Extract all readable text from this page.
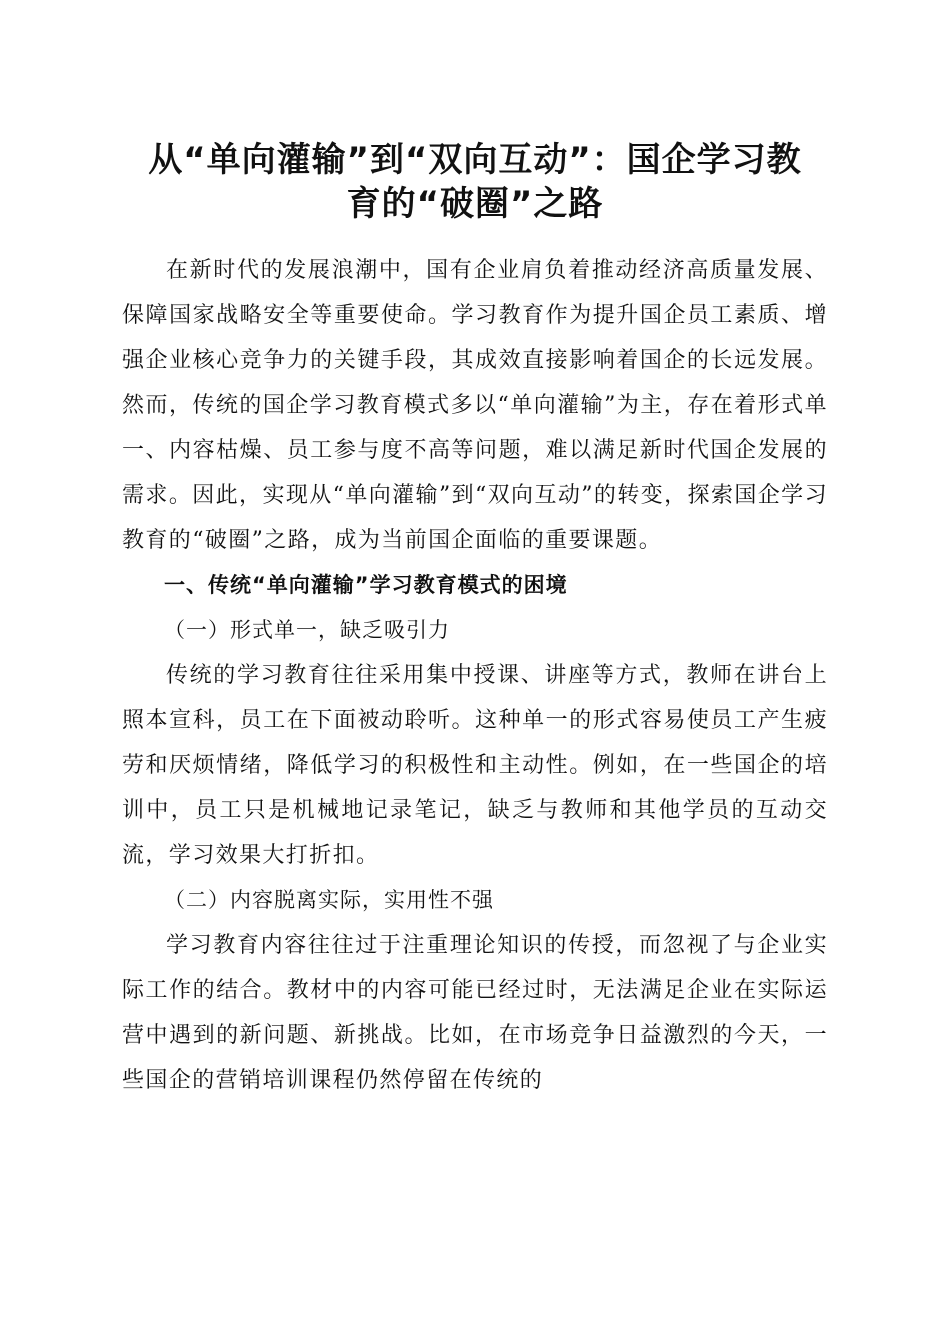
从“单向灌输”到“双向互动”：国企学习教
育的“破圈”之路

在新时代的发展浪潮中，国有企业肩负着推动经济高质量发展、保障国家战略安全等重要使命。学习教育作为提升国企员工素质、增强企业核心竞争力的关键手段，其成效直接影响着国企的长远发展。然而，传统的国企学习教育模式多以“单向灌输”为主，存在着形式单一、内容枯燥、员工参与度不高等问题，难以满足新时代国企发展的需求。因此，实现从“单向灌输”到“双向互动”的转变，探索国企学习教育的“破圈”之路，成为当前国企面临的重要课题。

一、传统“单向灌输”学习教育模式的困境

（一）形式单一，缺乏吸引力

传统的学习教育往往采用集中授课、讲座等方式，教师在讲台上照本宣科，员工在下面被动聆听。这种单一的形式容易使员工产生疲劳和厌烦情绪，降低学习的积极性和主动性。例如，在一些国企的培训中，员工只是机械地记录笔记，缺乏与教师和其他学员的互动交流，学习效果大打折扣。

（二）内容脱离实际，实用性不强

学习教育内容往往过于注重理论知识的传授，而忽视了与企业实际工作的结合。教材中的内容可能已经过时，无法满足企业在实际运营中遇到的新问题、新挑战。比如，在市场竞争日益激烈的今天，一些国企的营销培训课程仍然停留在传统的
